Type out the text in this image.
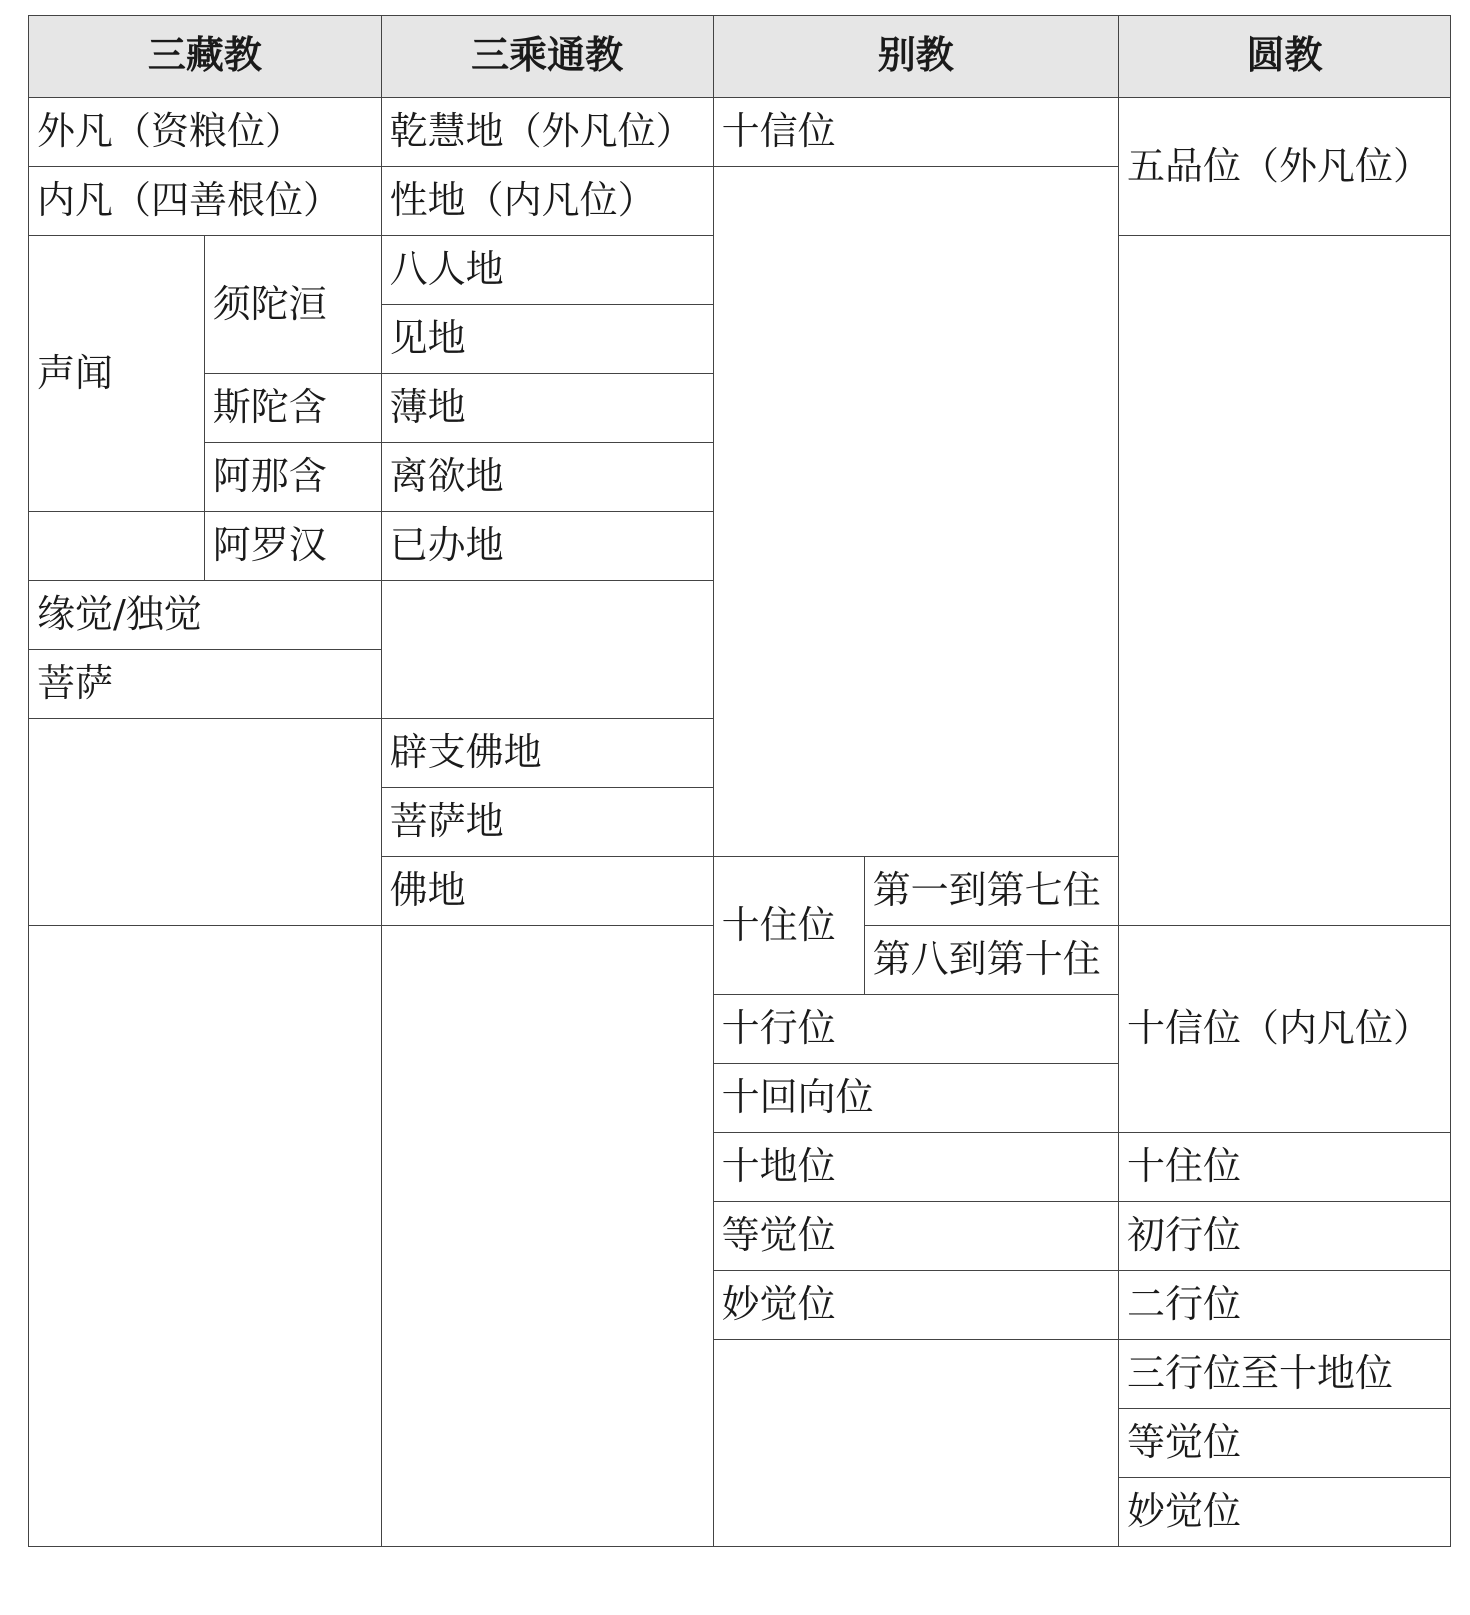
三藏教		三乘通教	别教		圆教
外凡（资粮位）		乾慧地（外凡位）	十信位		五品位（外凡位）
内凡（四善根位）		性地（内凡位）			
声闻	须陀洹	八人地			
		见地			
	斯陀含	薄地			
	阿那含	离欲地			
	阿罗汉	已办地			
缘觉/独觉					
菩萨					
		辟支佛地			
		菩萨地			
		佛地	十住位	第一到第七住	
				第八到第十住	十信位（内凡位）
			十行位		
			十回向位		
			十地位		十住位
			等觉位		初行位
			妙觉位		二行位
					三行位至十地位
					等觉位
					妙觉位
